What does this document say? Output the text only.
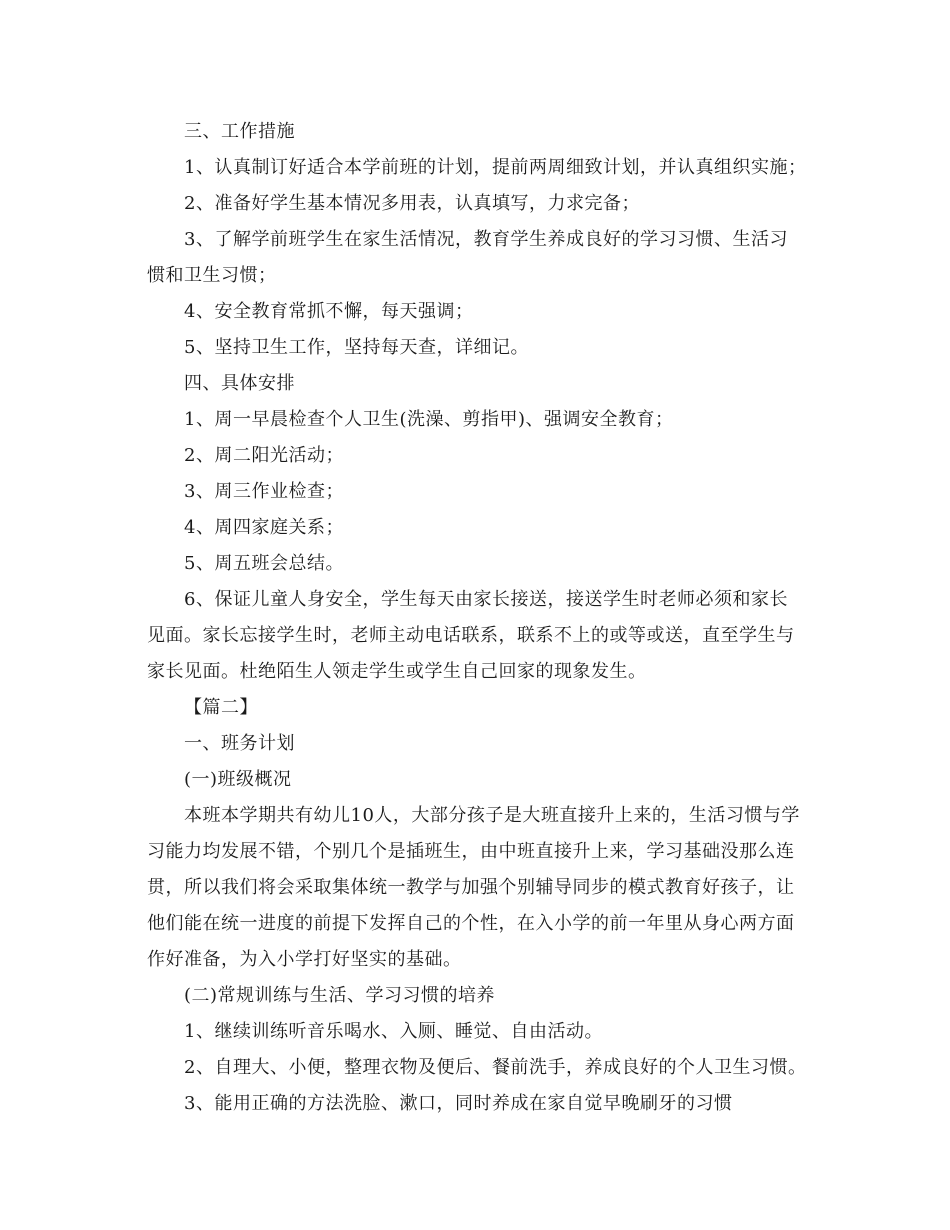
三、工作措施

1、认真制订好适合本学前班的计划，提前两周细致计划，并认真组织实施；

2、准备好学生基本情况多用表，认真填写，力求完备；

3、了解学前班学生在家生活情况，教育学生养成良好的学习习惯、生活习

惯和卫生习惯；

4、安全教育常抓不懈，每天强调；

5、坚持卫生工作，坚持每天查，详细记。

四、具体安排

1、周一早晨检查个人卫生(洗澡、剪指甲)、强调安全教育；

2、周二阳光活动；

3、周三作业检查；

4、周四家庭关系；

5、周五班会总结。

6、保证儿童人身安全，学生每天由家长接送，接送学生时老师必须和家长

见面。家长忘接学生时，老师主动电话联系，联系不上的或等或送，直至学生与

家长见面。杜绝陌生人领走学生或学生自己回家的现象发生。

【篇二】

一、班务计划

(一)班级概况

本班本学期共有幼儿10人，大部分孩子是大班直接升上来的，生活习惯与学

习能力均发展不错，个别几个是插班生，由中班直接升上来，学习基础没那么连

贯，所以我们将会采取集体统一教学与加强个别辅导同步的模式教育好孩子，让

他们能在统一进度的前提下发挥自己的个性，在入小学的前一年里从身心两方面

作好准备，为入小学打好坚实的基础。

(二)常规训练与生活、学习习惯的培养

1、继续训练听音乐喝水、入厕、睡觉、自由活动。

2、自理大、小便，整理衣物及便后、餐前洗手，养成良好的个人卫生习惯。

3、能用正确的方法洗脸、漱口，同时养成在家自觉早晚刷牙的习惯
